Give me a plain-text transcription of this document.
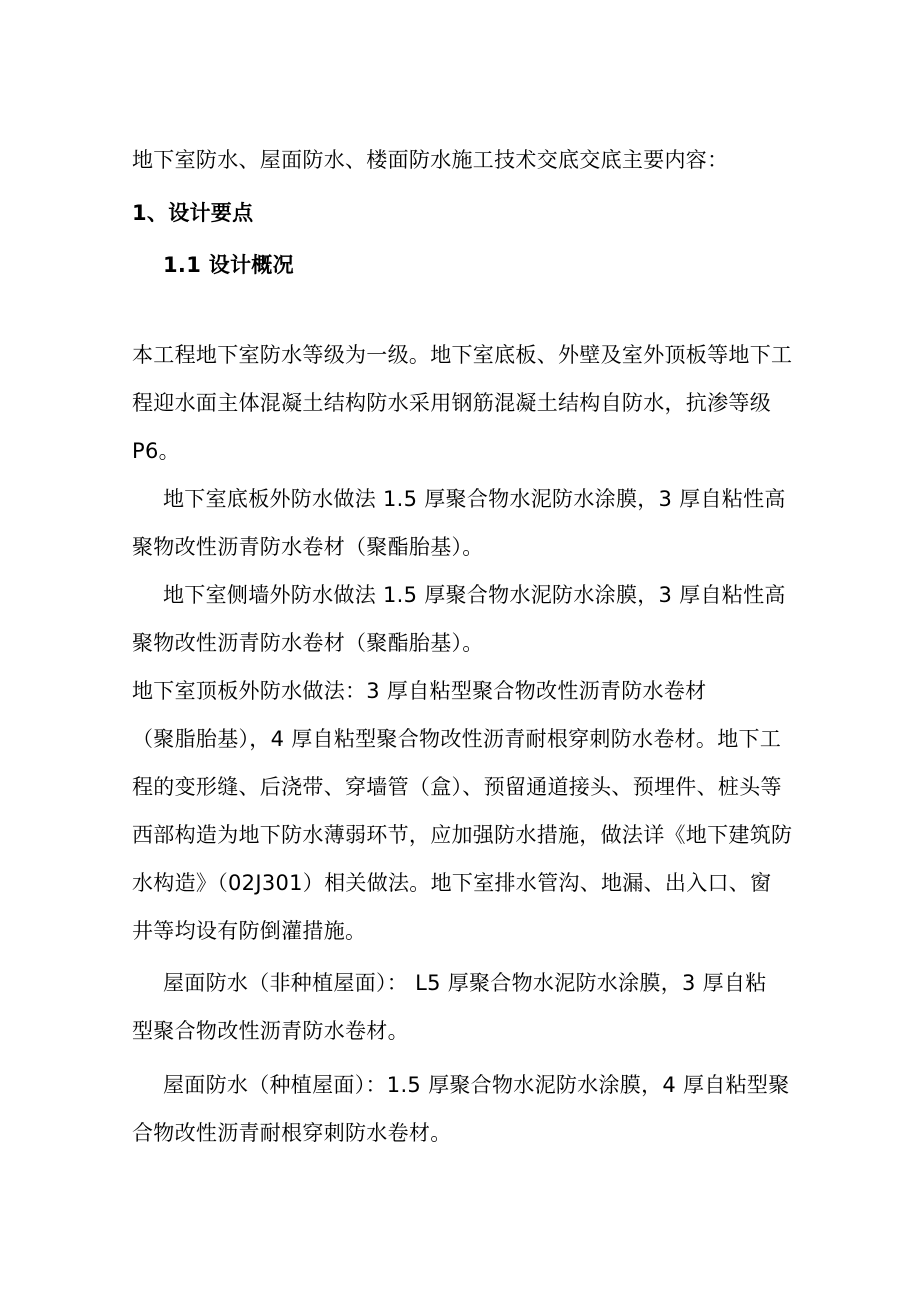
地下室防水、屋面防水、楼面防水施工技术交底交底主要内容：
1、设计要点
1.1 设计概况
本工程地下室防水等级为一级。地下室底板、外壁及室外顶板等地下工
程迎水面主体混凝土结构防水采用钢筋混凝土结构自防水，抗渗等级
P6。
地下室底板外防水做法 1.5 厚聚合物水泥防水涂膜，3 厚自粘性高
聚物改性沥青防水卷材（聚酯胎基）。
地下室侧墙外防水做法 1.5 厚聚合物水泥防水涂膜，3 厚自粘性高
聚物改性沥青防水卷材（聚酯胎基）。
地下室顶板外防水做法：3 厚自粘型聚合物改性沥青防水卷材
（聚脂胎基），4 厚自粘型聚合物改性沥青耐根穿刺防水卷材。地下工
程的变形缝、后浇带、穿墙管（盒）、预留通道接头、预埋件、桩头等
西部构造为地下防水薄弱环节，应加强防水措施，做法详《地下建筑防
水构造》（02J301）相关做法。地下室排水管沟、地漏、出入口、窗
井等均设有防倒灌措施。
屋面防水（非种植屋面）： L5 厚聚合物水泥防水涂膜，3 厚自粘
型聚合物改性沥青防水卷材。
屋面防水（种植屋面）：1.5 厚聚合物水泥防水涂膜，4 厚自粘型聚
合物改性沥青耐根穿刺防水卷材。
